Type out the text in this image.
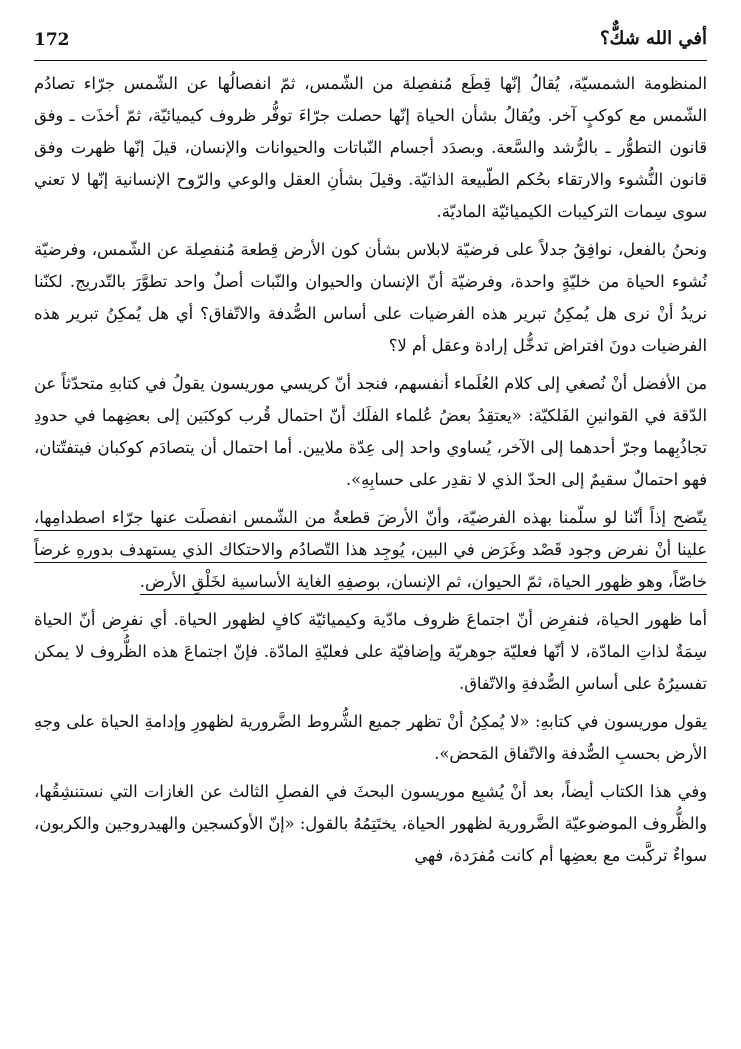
172	أفي الله شكٌّ؟

المنظومة الشمسيّة، يُقالُ إنّها قِطَع مُنفصِلة من الشّمس، ثمّ انفصالُها عن الشّمس جرّاء تصادُم الشّمس مع كوكبٍ آخر. ويُقالُ بشأن الحياة إنّها حصلت جرّاءَ توفُّر ظروف كيميائيّة، ثمّ أخذَت ـ وفق قانون التطوُّر ـ بالرُّشد والسَّعة. وبصدَد أجسام النّباتات والحيوانات والإنسان، قيلَ إنّها ظهرت وفق قانون النُّشوء والارتقاء بحُكم الطّبيعة الذاتيّة. وقيلَ بشأنِ العقل والوعي والرّوح الإنسانية إنّها لا تعني سوى سِمات التركيبات الكيميائيّة الماديّة.

ونحنُ بالفعل، نوافِقُ جدلاً على فرضيّة لابلاس بشأن كون الأرض قِطعة مُنفصِلة عن الشّمس، وفرضيّة نُشوء الحياة من خليّةٍ واحدة، وفرضيّة أنّ الإنسان والحيوان والنّبات أصلٌ واحد تطوَّرَ بالتّدريج. لكنّنا نريدُ أنْ نرى هل يُمكِنُ تبرير هذه الفرضيات على أساس الصُّدفة والاتّفاق؟ أي هل يُمكِنُ تبرير هذه الفرضيات دونَ افتراض تدخُّل إرادة وعقل أم لا؟

من الأفضل أنْ نُصغي إلى كلام العُلَماء أنفسهم، فنجد أنّ كريسي موريسون يقولُ في كتابهِ متحدّثاً عن الدّقة في القوانينِ الفَلكيّة: «يعتقِدُ بعضُ عُلماء الفلَك أنّ احتمال قُرب كوكبَين إلى بعضِهما في حدودِ تجاذُبِهما وجرّ أحدهما إلى الآخر، يُساوي واحد إلى عِدّة ملايين. أما احتمال أن يتصادَم كوكبان فيتفتّتان، فهو احتمالٌ سقيمٌ إلى الحدّ الذي لا نقدِر على حسابِهِ».

يتّضح إذاً أنّنا لو سلّمنا بهذه الفرضيّة، وأنّ الأرضَ قطعةٌ من الشّمس انفصلَت عنها جرّاء اصطدامِها، علينا أنْ نفرض وجود قَصْد وغَرَض في البين، يُوجِد هذا التّصادُم والاحتكاك الذي يستهدف بدورهِ غرضاً خاصّاً، وهو ظهور الحياة، ثمّ الحيوان، ثم الإنسان، بوصفِهِ الغاية الأساسية لخَلْقِ الأرض.

أما ظهور الحياة، فنفرِض أنّ اجتماعَ ظروف مادّية وكيميائيّة كافٍ لظهور الحياة. أي نفرِض أنّ الحياة سِمَةٌ لذاتِ المادّة، لا أنّها فعليّة جوهريّة وإضافيّة على فعليّةِ المادّة. فإنّ اجتماعَ هذه الظُّروف لا يمكن تفسيرُهُ على أساسِ الصُّدفةِ والاتّفاق.

يقول موريسون في كتابهِ: «لا يُمكِنُ أنْ تظهر جميع الشُّروط الضَّرورية لظهورِ وإدامةِ الحياة على وجهِ الأرض بحسبِ الصُّدفة والاتّفاق المَحض».

وفي هذا الكتاب أيضاً، بعد أنْ يُشبِع موريسون البحثَ في الفصلِ الثالث عن الغازات التي نستنشِقُها، والظُّروف الموضوعيّة الضَّرورية لظهور الحياة، يختَتِمُهُ بالقول: «إنّ الأوكسجين والهيدروجين والكربون، سواءٌ تركَّبت مع بعضِها أم كانت مُفرَدة، فهي
